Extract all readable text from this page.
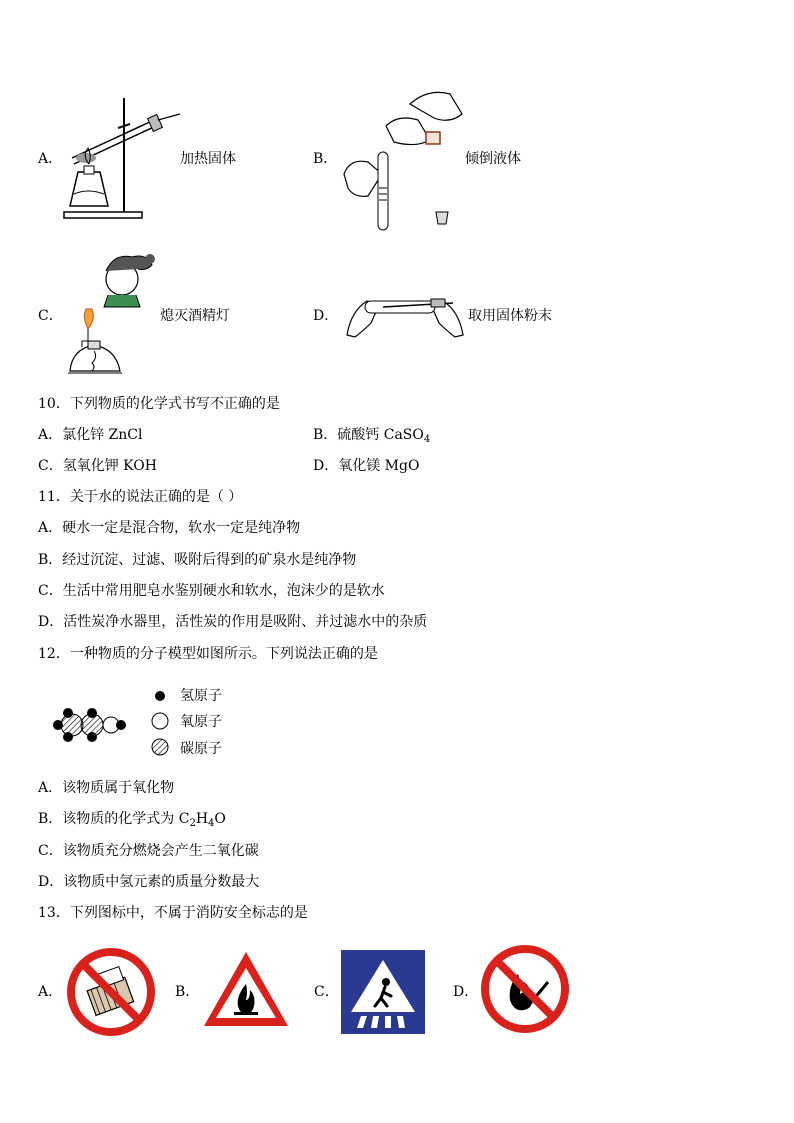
A．	加热固体	B．	倾倒液体
C．	熄灭酒精灯	D．	取用固体粉末
10．下列物质的化学式书写不正确的是
A．氯化锌 ZnCl	B．硫酸钙 CaSO$_4$
C．氢氧化钾 KOH	D．氧化镁 MgO
11．关于水的说法正确的是（ ）
A．硬水一定是混合物，软水一定是纯净物
B．经过沉淀、过滤、吸附后得到的矿泉水是纯净物
C．生活中常用肥皂水鉴别硬水和软水，泡沫少的是软水
D．活性炭净水器里，活性炭的作用是吸附、并过滤水中的杂质
12．一种物质的分子模型如图所示。下列说法正确的是
氢原子
氧原子
碳原子
A．该物质属于氧化物
B．该物质的化学式为 $C_2H_4O$
C．该物质充分燃烧会产生二氧化碳
D．该物质中氢元素的质量分数最大
13．下列图标中，不属于消防安全标志的是
A．	B．	C．	D．
